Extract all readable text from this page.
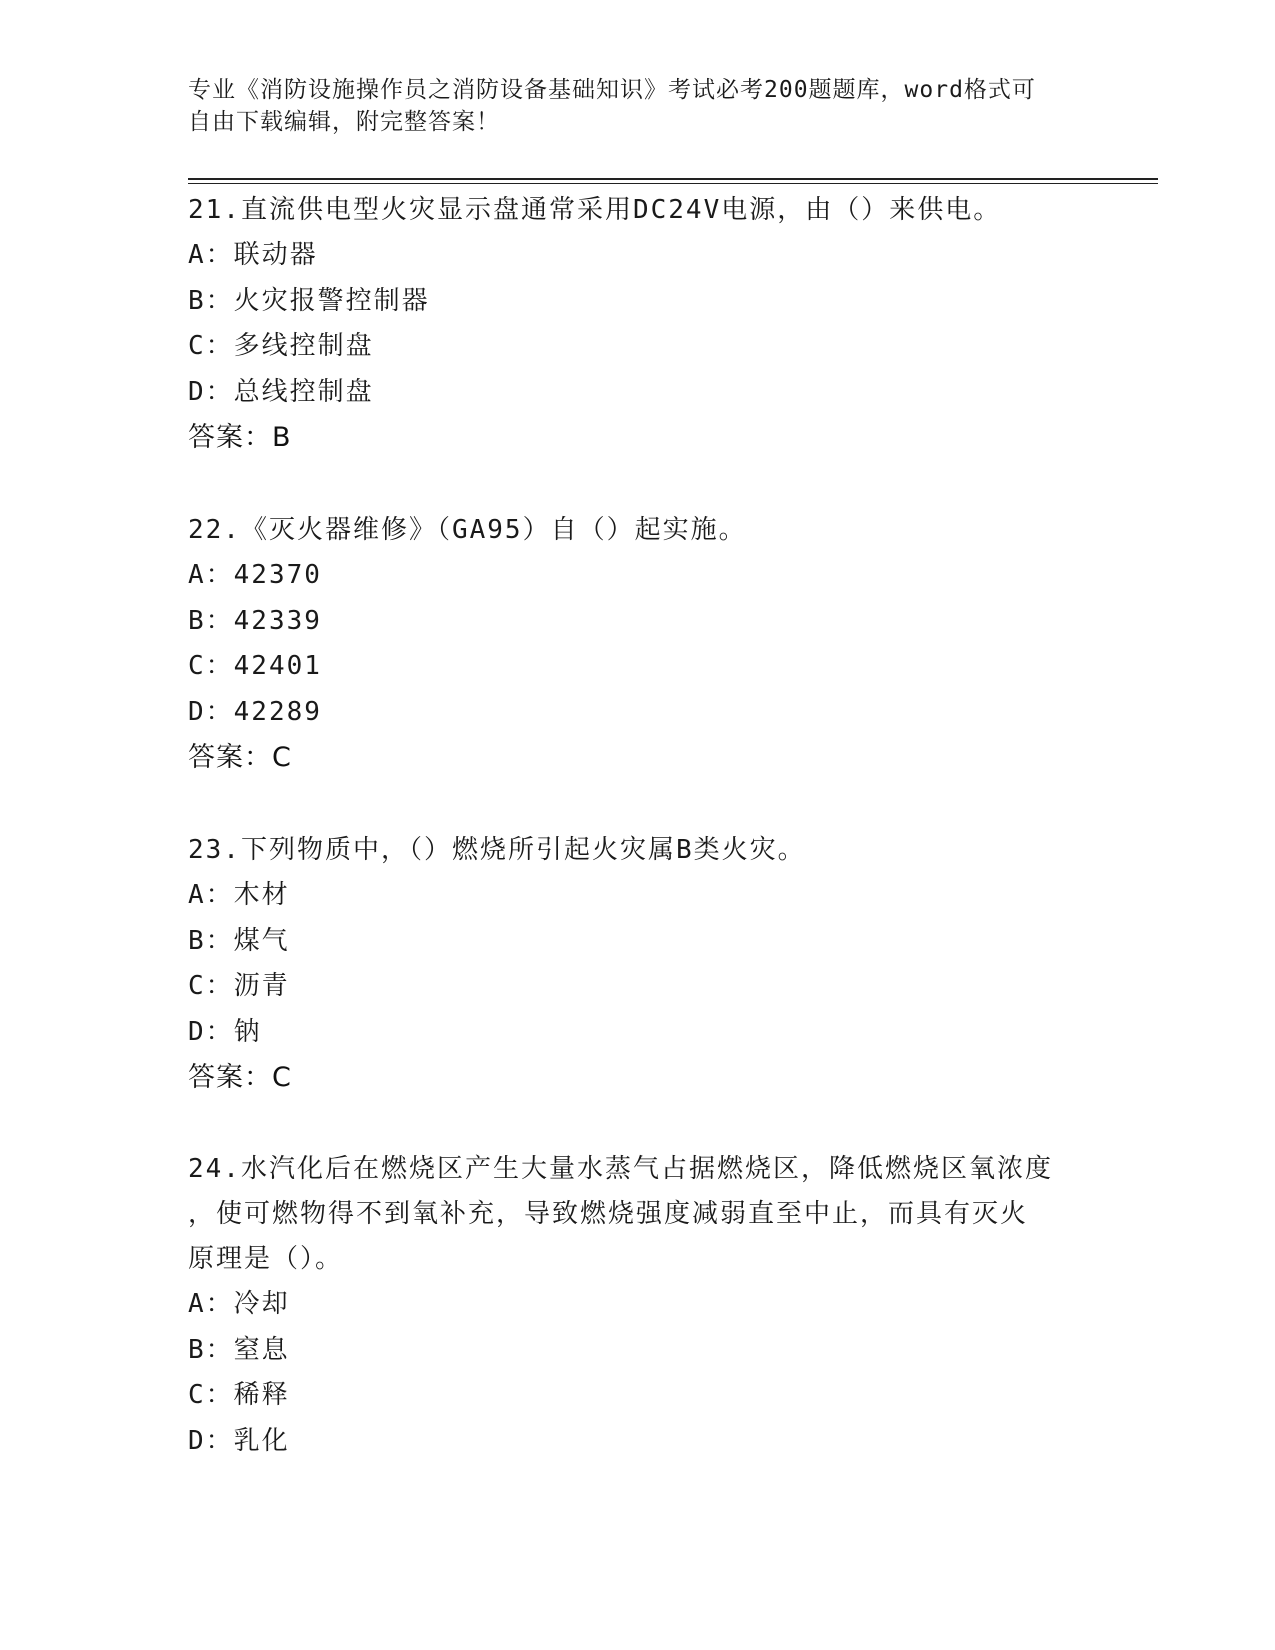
专业《消防设施操作员之消防设备基础知识》考试必考200题题库，word格式可
自由下载编辑，附完整答案！
21.直流供电型火灾显示盘通常采用DC24V电源，由（）来供电。
A：联动器
B：火灾报警控制器
C：多线控制盘
D：总线控制盘
答案：B
22.《灭火器维修》（GA95）自（）起实施。
A：42370
B：42339
C：42401
D：42289
答案：C
23.下列物质中，（）燃烧所引起火灾属B类火灾。
A：木材
B：煤气
C：沥青
D：钠
答案：C
24.水汽化后在燃烧区产生大量水蒸气占据燃烧区，降低燃烧区氧浓度
，使可燃物得不到氧补充，导致燃烧强度减弱直至中止，而具有灭火
原理是（）。
A：冷却
B：窒息
C：稀释
D：乳化
